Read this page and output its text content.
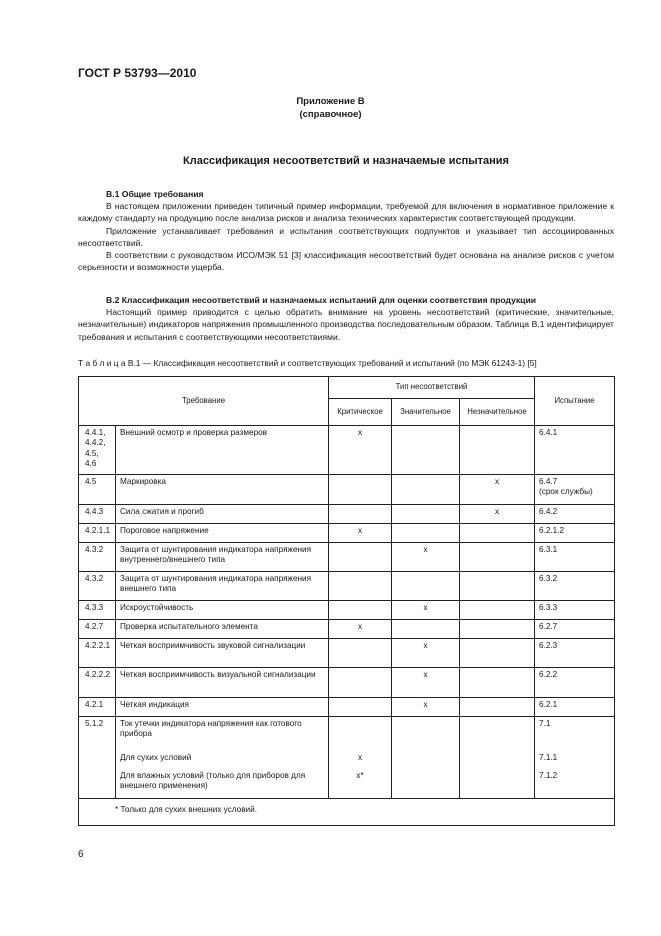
ГОСТ Р 53793—2010
Приложение В
(справочное)
Классификация несоответствий и назначаемые испытания
В.1 Общие требования

В настоящем приложении приведен типичный пример информации, требуемой для включения в нормативное приложение к каждому стандарту на продукцию после анализа рисков и анализа технических характеристик соответствующей продукции.

Приложение устанавливает требования и испытания соответствующих подпунктов и указывает тип ассоциированных несоответствий.

В соответствии с руководством ИСО/МЭК 51 [3] классификация несоответствий будет основана на анализе рисков с учетом серьезности и возможности ущерба.

В.2 Классификация несоответствий и назначаемых испытаний для оценки соответствия продукции

Настоящий пример приводится с целью обратить внимание на уровень несоответствий (критические, значительные, незначительные) индикаторов напряжения промышленного производства последовательным образом. Таблица В.1 идентифицирует требования и испытания с соответствующими несоответствиями.

Т а б л и ц а В.1 — Классификация несоответствий и соответствующих требований и испытаний (по МЭК 61243-1) [5]
Требование		Тип несоответствий			Испытание
		Критическое	Значительное	Незначительное	
4.4.1,
4.4.2,
4.5,
4.6	Внешний осмотр и проверка размеров	x			6.4.1
4.5	Маркировка			x	6.4.7
(срок службы)
4.4.3	Сила сжатия и прогиб			x	6.4.2
4.2.1.1	Пороговое напряжение	x			6.2.1.2
4.3.2	Защита от шунтирования индикатора напряжения внутреннего/внешнего типа		x		6.3.1
4.3.2	Защита от шунтирования индикатора напряжения внешнего типа				6.3.2
4.3.3	Искроустойчивость		x		6.3.3
4.2.7	Проверка испытательного элемента	x			6.2.7
4.2.2.1	Четкая восприимчивость звуковой сигнализации		x		6.2.3
4.2.2.2	Четкая восприимчивость визуальной сигнализации		x		6.2.2
4.2.1	Четкая индикация		x		6.2.1
5.1.2	Ток утечки индикатора напряжения как готового прибора				7.1
	Для сухих условий	x			7.1.1
	Для влажных условий (только для приборов для внешнего применения)	x*			7.1.2
* Только для сухих внешних условий.					
6
